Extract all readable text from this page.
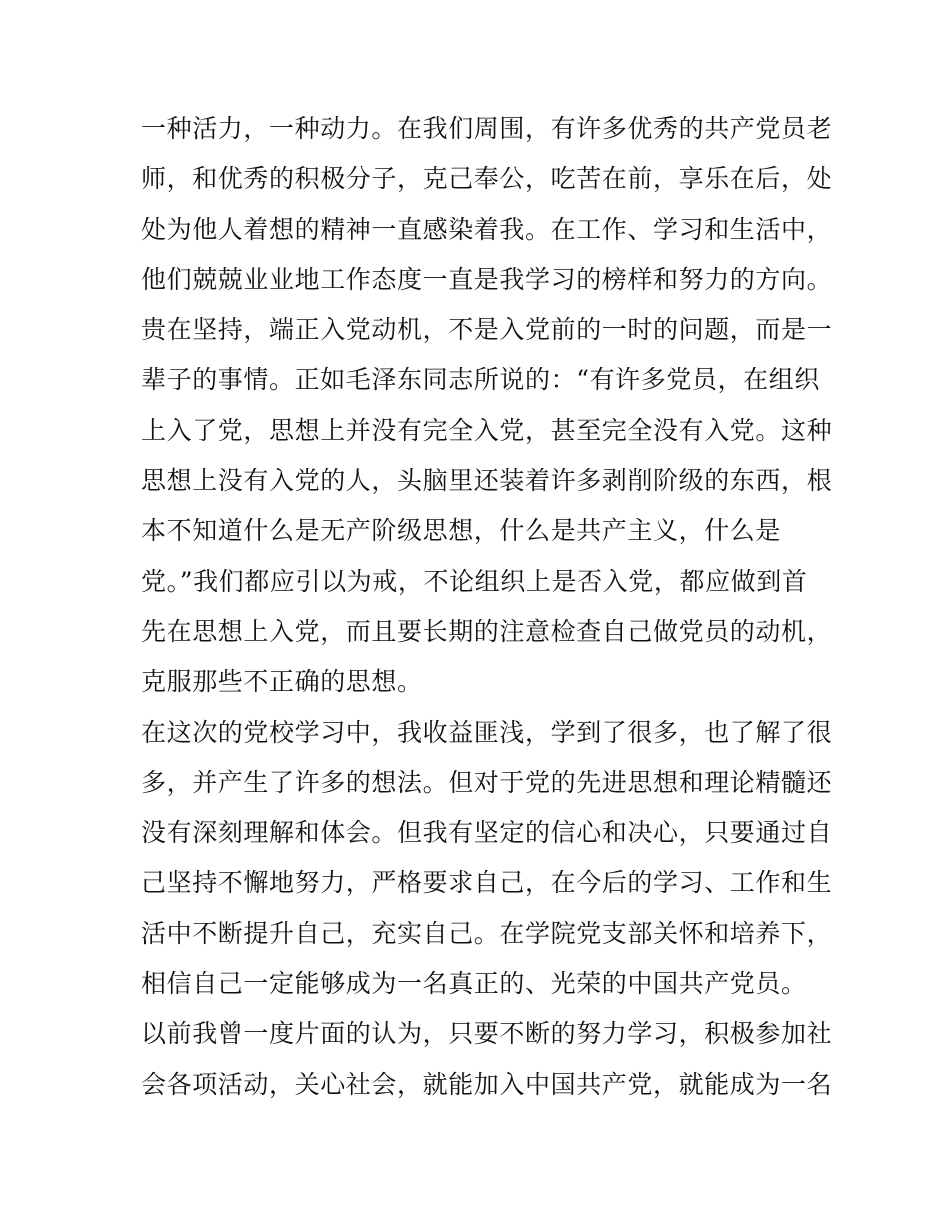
一种活力，一种动力。在我们周围，有许多优秀的共产党员老
师，和优秀的积极分子，克己奉公，吃苦在前，享乐在后，处
处为他人着想的精神一直感染着我。在工作、学习和生活中，
他们兢兢业业地工作态度一直是我学习的榜样和努力的方向。
贵在坚持，端正入党动机，不是入党前的一时的问题，而是一
辈子的事情。正如毛泽东同志所说的：“有许多党员，在组织
上入了党，思想上并没有完全入党，甚至完全没有入党。这种
思想上没有入党的人，头脑里还装着许多剥削阶级的东西，根
本不知道什么是无产阶级思想，什么是共产主义，什么是
党。”我们都应引以为戒，不论组织上是否入党，都应做到首
先在思想上入党，而且要长期的注意检查自己做党员的动机，
克服那些不正确的思想。
在这次的党校学习中，我收益匪浅，学到了很多，也了解了很
多，并产生了许多的想法。但对于党的先进思想和理论精髓还
没有深刻理解和体会。但我有坚定的信心和决心，只要通过自
己坚持不懈地努力，严格要求自己，在今后的学习、工作和生
活中不断提升自己，充实自己。在学院党支部关怀和培养下，
相信自己一定能够成为一名真正的、光荣的中国共产党员。
以前我曾一度片面的认为，只要不断的努力学习，积极参加社
会各项活动，关心社会，就能加入中国共产党，就能成为一名
